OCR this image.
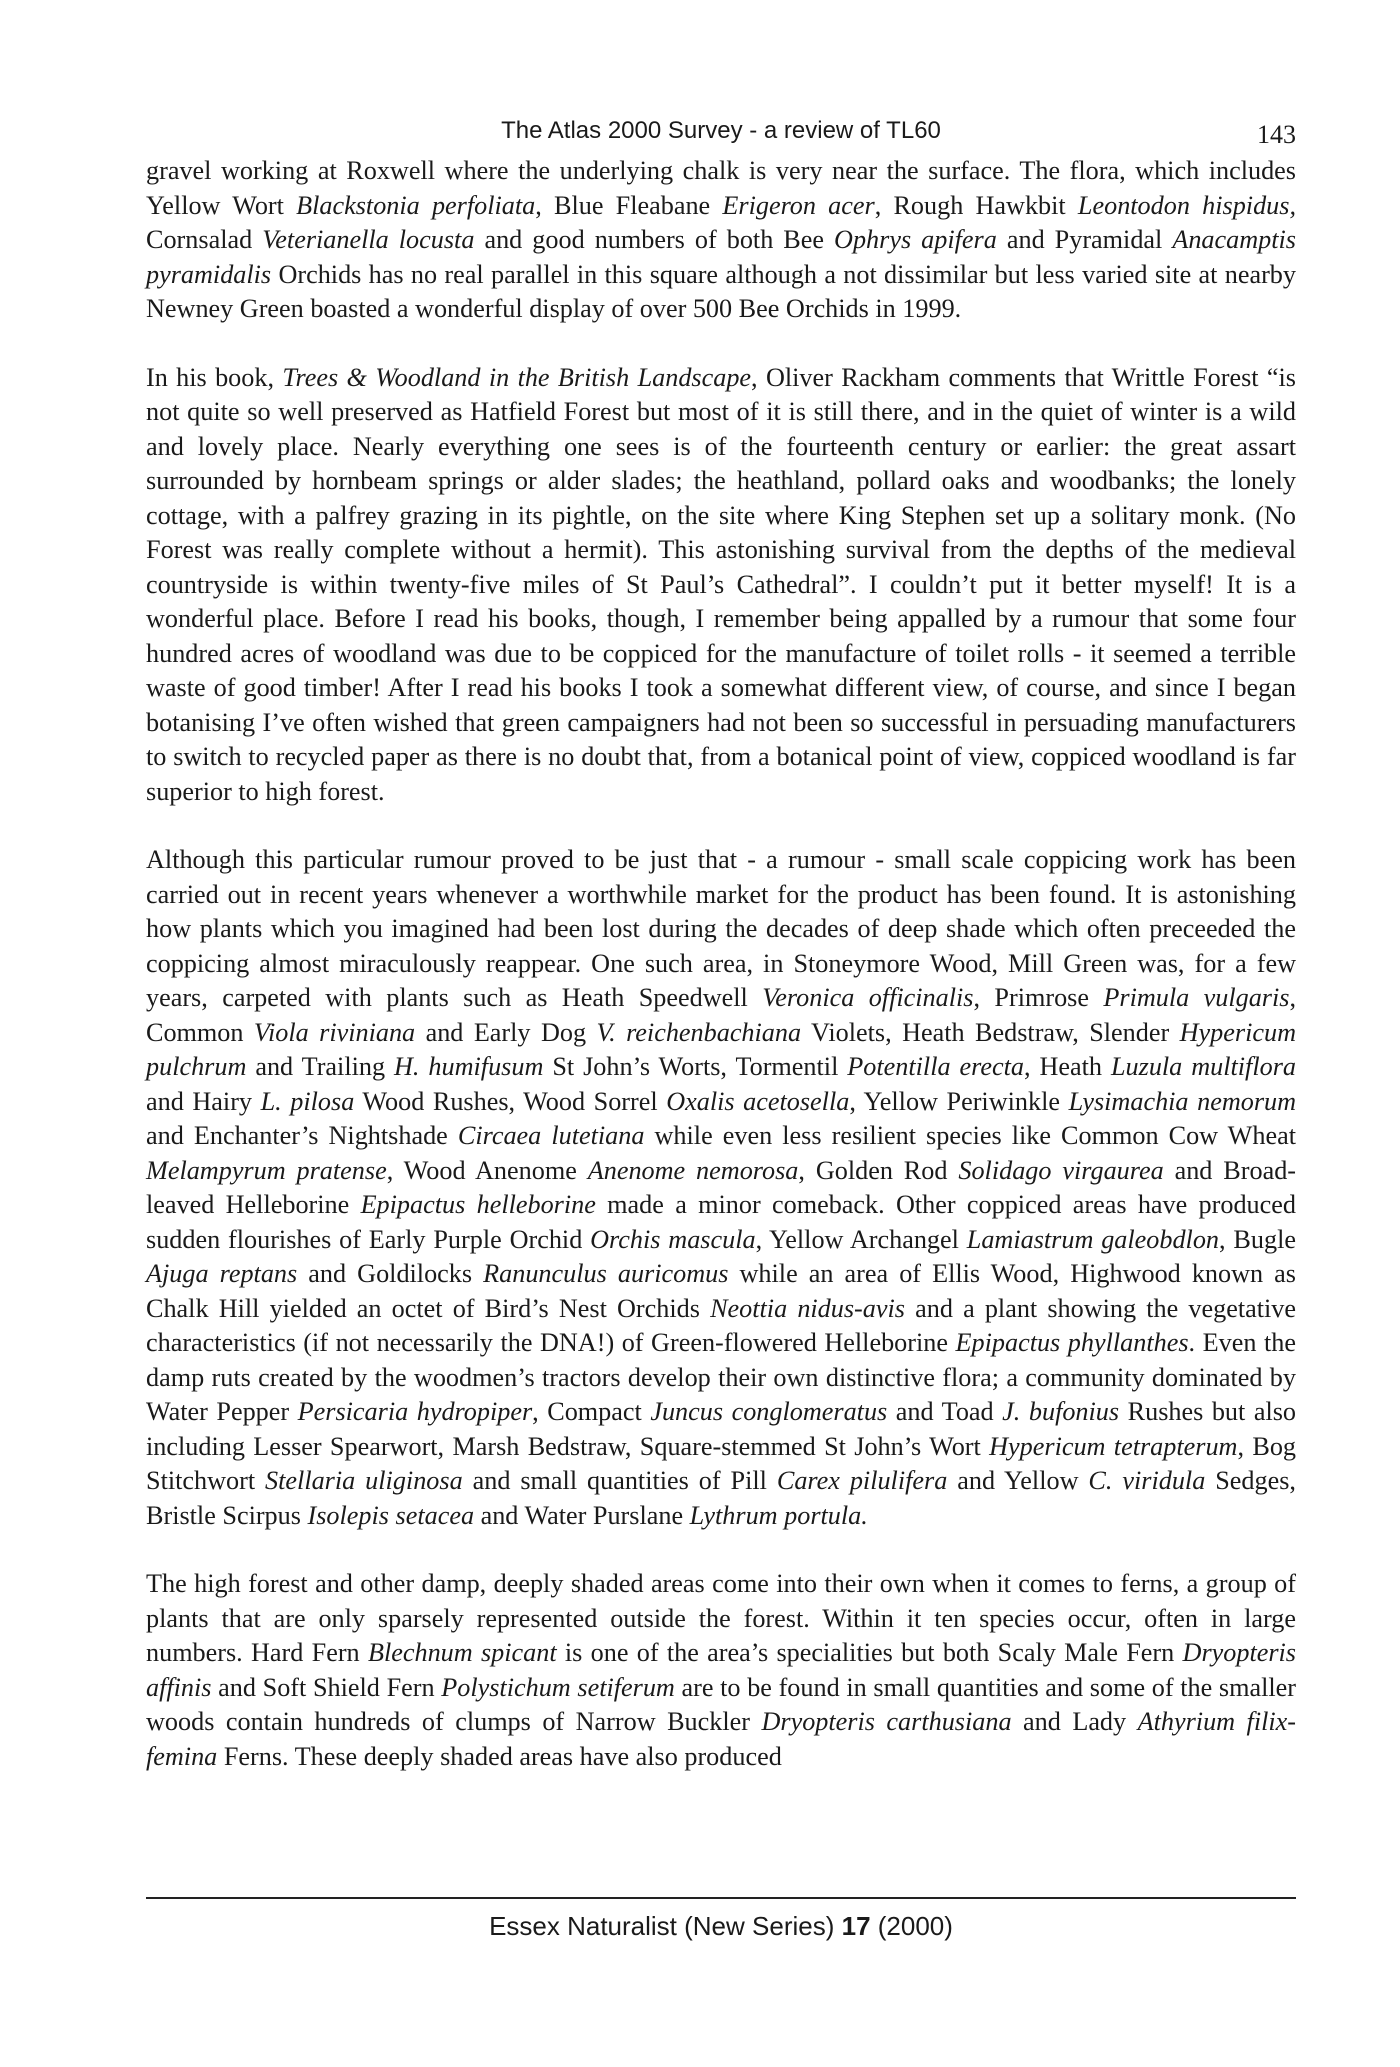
The Atlas 2000 Survey - a review of TL60	143

gravel working at Roxwell where the underlying chalk is very near the surface. The flora, which includes Yellow Wort Blackstonia perfoliata, Blue Fleabane Erigeron acer, Rough Hawkbit Leontodon hispidus, Cornsalad Veterianella locusta and good numbers of both Bee Ophrys apifera and Pyramidal Anacamptis pyramidalis Orchids has no real parallel in this square although a not dissimilar but less varied site at nearby Newney Green boasted a wonderful display of over 500 Bee Orchids in 1999.

In his book, Trees & Woodland in the British Landscape, Oliver Rackham comments that Writtle Forest “is not quite so well preserved as Hatfield Forest but most of it is still there, and in the quiet of winter is a wild and lovely place. Nearly everything one sees is of the fourteenth century or earlier: the great assart surrounded by hornbeam springs or alder slades; the heathland, pollard oaks and woodbanks; the lonely cottage, with a palfrey grazing in its pightle, on the site where King Stephen set up a solitary monk. (No Forest was really complete without a hermit). This astonishing survival from the depths of the medieval countryside is within twenty-five miles of St Paul’s Cathedral”. I couldn’t put it better myself! It is a wonderful place. Before I read his books, though, I remember being appalled by a rumour that some four hundred acres of woodland was due to be coppiced for the manufacture of toilet rolls - it seemed a terrible waste of good timber! After I read his books I took a somewhat different view, of course, and since I began botanising I’ve often wished that green campaigners had not been so successful in persuading manufacturers to switch to recycled paper as there is no doubt that, from a botanical point of view, coppiced woodland is far superior to high forest.

Although this particular rumour proved to be just that - a rumour - small scale coppicing work has been carried out in recent years whenever a worthwhile market for the product has been found. It is astonishing how plants which you imagined had been lost during the decades of deep shade which often preceeded the coppicing almost miraculously reappear. One such area, in Stoneymore Wood, Mill Green was, for a few years, carpeted with plants such as Heath Speedwell Veronica officinalis, Primrose Primula vulgaris, Common Viola riviniana and Early Dog V. reichenbachiana Violets, Heath Bedstraw, Slender Hypericum pulchrum and Trailing H. humifusum St John’s Worts, Tormentil Potentilla erecta, Heath Luzula multiflora and Hairy L. pilosa Wood Rushes, Wood Sorrel Oxalis acetosella, Yellow Periwinkle Lysimachia nemorum and Enchanter’s Nightshade Circaea lutetiana while even less resilient species like Common Cow Wheat Melampyrum pratense, Wood Anenome Anenome nemorosa, Golden Rod Solidago virgaurea and Broad-leaved Helleborine Epipactus helleborine made a minor comeback. Other coppiced areas have produced sudden flourishes of Early Purple Orchid Orchis mascula, Yellow Archangel Lamiastrum galeobdlon, Bugle Ajuga reptans and Goldilocks Ranunculus auricomus while an area of Ellis Wood, Highwood known as Chalk Hill yielded an octet of Bird’s Nest Orchids Neottia nidus-avis and a plant showing the vegetative characteristics (if not necessarily the DNA!) of Green-flowered Helleborine Epipactus phyllanthes. Even the damp ruts created by the woodmen’s tractors develop their own distinctive flora; a community dominated by Water Pepper Persicaria hydropiper, Compact Juncus conglomeratus and Toad J. bufonius Rushes but also including Lesser Spearwort, Marsh Bedstraw, Square-stemmed St John’s Wort Hypericum tetrapterum, Bog Stitchwort Stellaria uliginosa and small quantities of Pill Carex pilulifera and Yellow C. viridula Sedges, Bristle Scirpus Isolepis setacea and Water Purslane Lythrum portula.

The high forest and other damp, deeply shaded areas come into their own when it comes to ferns, a group of plants that are only sparsely represented outside the forest. Within it ten species occur, often in large numbers. Hard Fern Blechnum spicant is one of the area’s specialities but both Scaly Male Fern Dryopteris affinis and Soft Shield Fern Polystichum setiferum are to be found in small quantities and some of the smaller woods contain hundreds of clumps of Narrow Buckler Dryopteris carthusiana and Lady Athyrium filix-femina Ferns. These deeply shaded areas have also produced

Essex Naturalist (New Series) 17 (2000)
